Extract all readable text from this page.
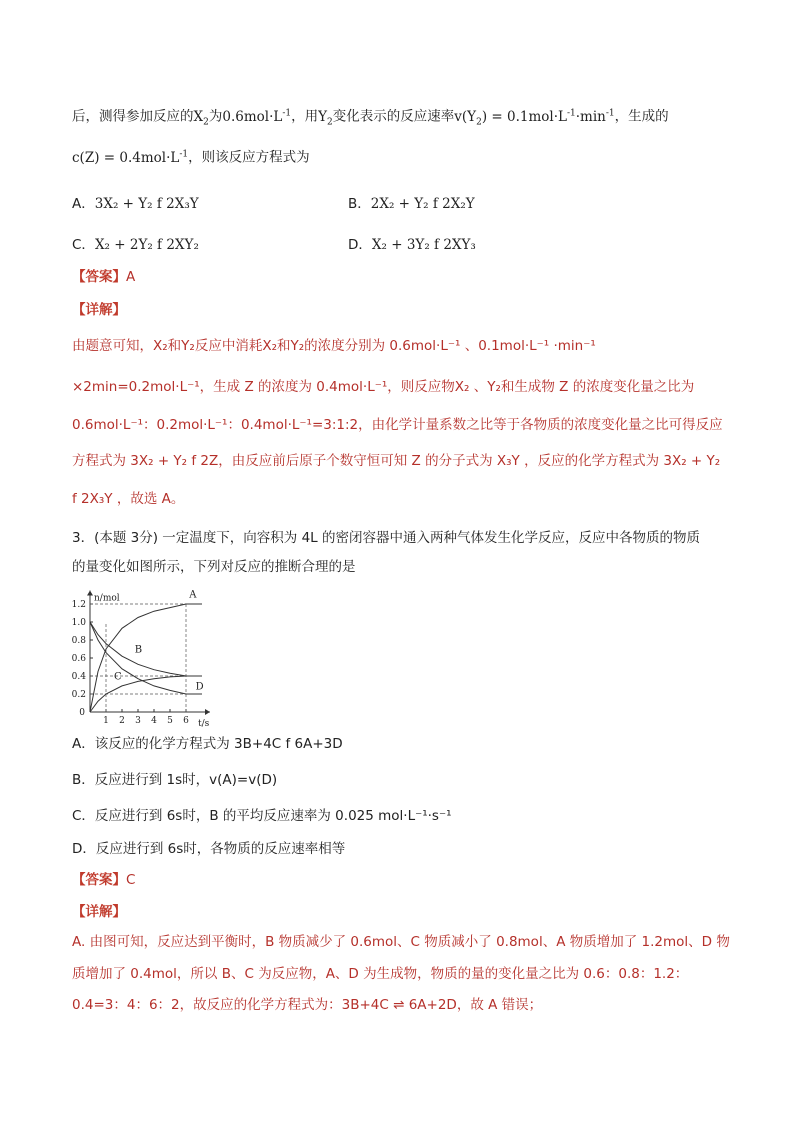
后，测得参加反应的$X_2$为$0.6mol\cdot L^{-1}$，用$Y_2$变化表示的反应速率$v(Y_2) = 0.1mol\cdot L^{-1}\cdot\min^{-1}$，生成的
$c(Z) = 0.4mol\cdot L^{-1}$，则该反应方程式为
A．3X₂ + Y₂ f 2X₃Y	B．2X₂ + Y₂ f 2X₂Y
C．X₂ + 2Y₂ f 2XY₂	D．X₂ + 3Y₂ f 2XY₃
【答案】A
【详解】
由题意可知，X₂和Y₂反应中消耗X₂和Y₂的浓度分别为 0.6mol·L⁻¹ 、0.1mol·L⁻¹ ·min⁻¹
×2min=0.2mol·L⁻¹，生成 Z 的浓度为 0.4mol·L⁻¹，则反应物X₂ 、Y₂和生成物 Z 的浓度变化量之比为
0.6mol·L⁻¹：0.2mol·L⁻¹：0.4mol·L⁻¹=3:1:2，由化学计量系数之比等于各物质的浓度变化量之比可得反应
方程式为 3X₂ + Y₂ f 2Z，由反应前后原子个数守恒可知 Z 的分子式为 X₃Y ，反应的化学方程式为 3X₂ + Y₂
f 2X₃Y ，故选 A。
3．(本题 3分) 一定温度下，向容积为 4L 的密闭容器中通入两种气体发生化学反应，反应中各物质的物质
的量变化如图所示，下列对反应的推断合理的是
0.2
0.4
0.6
0.8
1.0
1.2
1 2 3 4 5 6
0
n/mol
t/s
A
B
C
D
A．该反应的化学方程式为 3B+4C f 6A+3D
B．反应进行到 1s时，v(A)=v(D)
C．反应进行到 6s时，B 的平均反应速率为 0.025 mol·L⁻¹·s⁻¹
D．反应进行到 6s时，各物质的反应速率相等
【答案】C
【详解】
A. 由图可知，反应达到平衡时，B 物质减少了 0.6mol、C 物质减小了 0.8mol、A 物质增加了 1.2mol、D 物
质增加了 0.4mol，所以 B、C 为反应物，A、D 为生成物，物质的量的变化量之比为 0.6：0.8：1.2：
0.4=3：4：6：2，故反应的化学方程式为：3B+4C ⇌ 6A+2D，故 A 错误；
